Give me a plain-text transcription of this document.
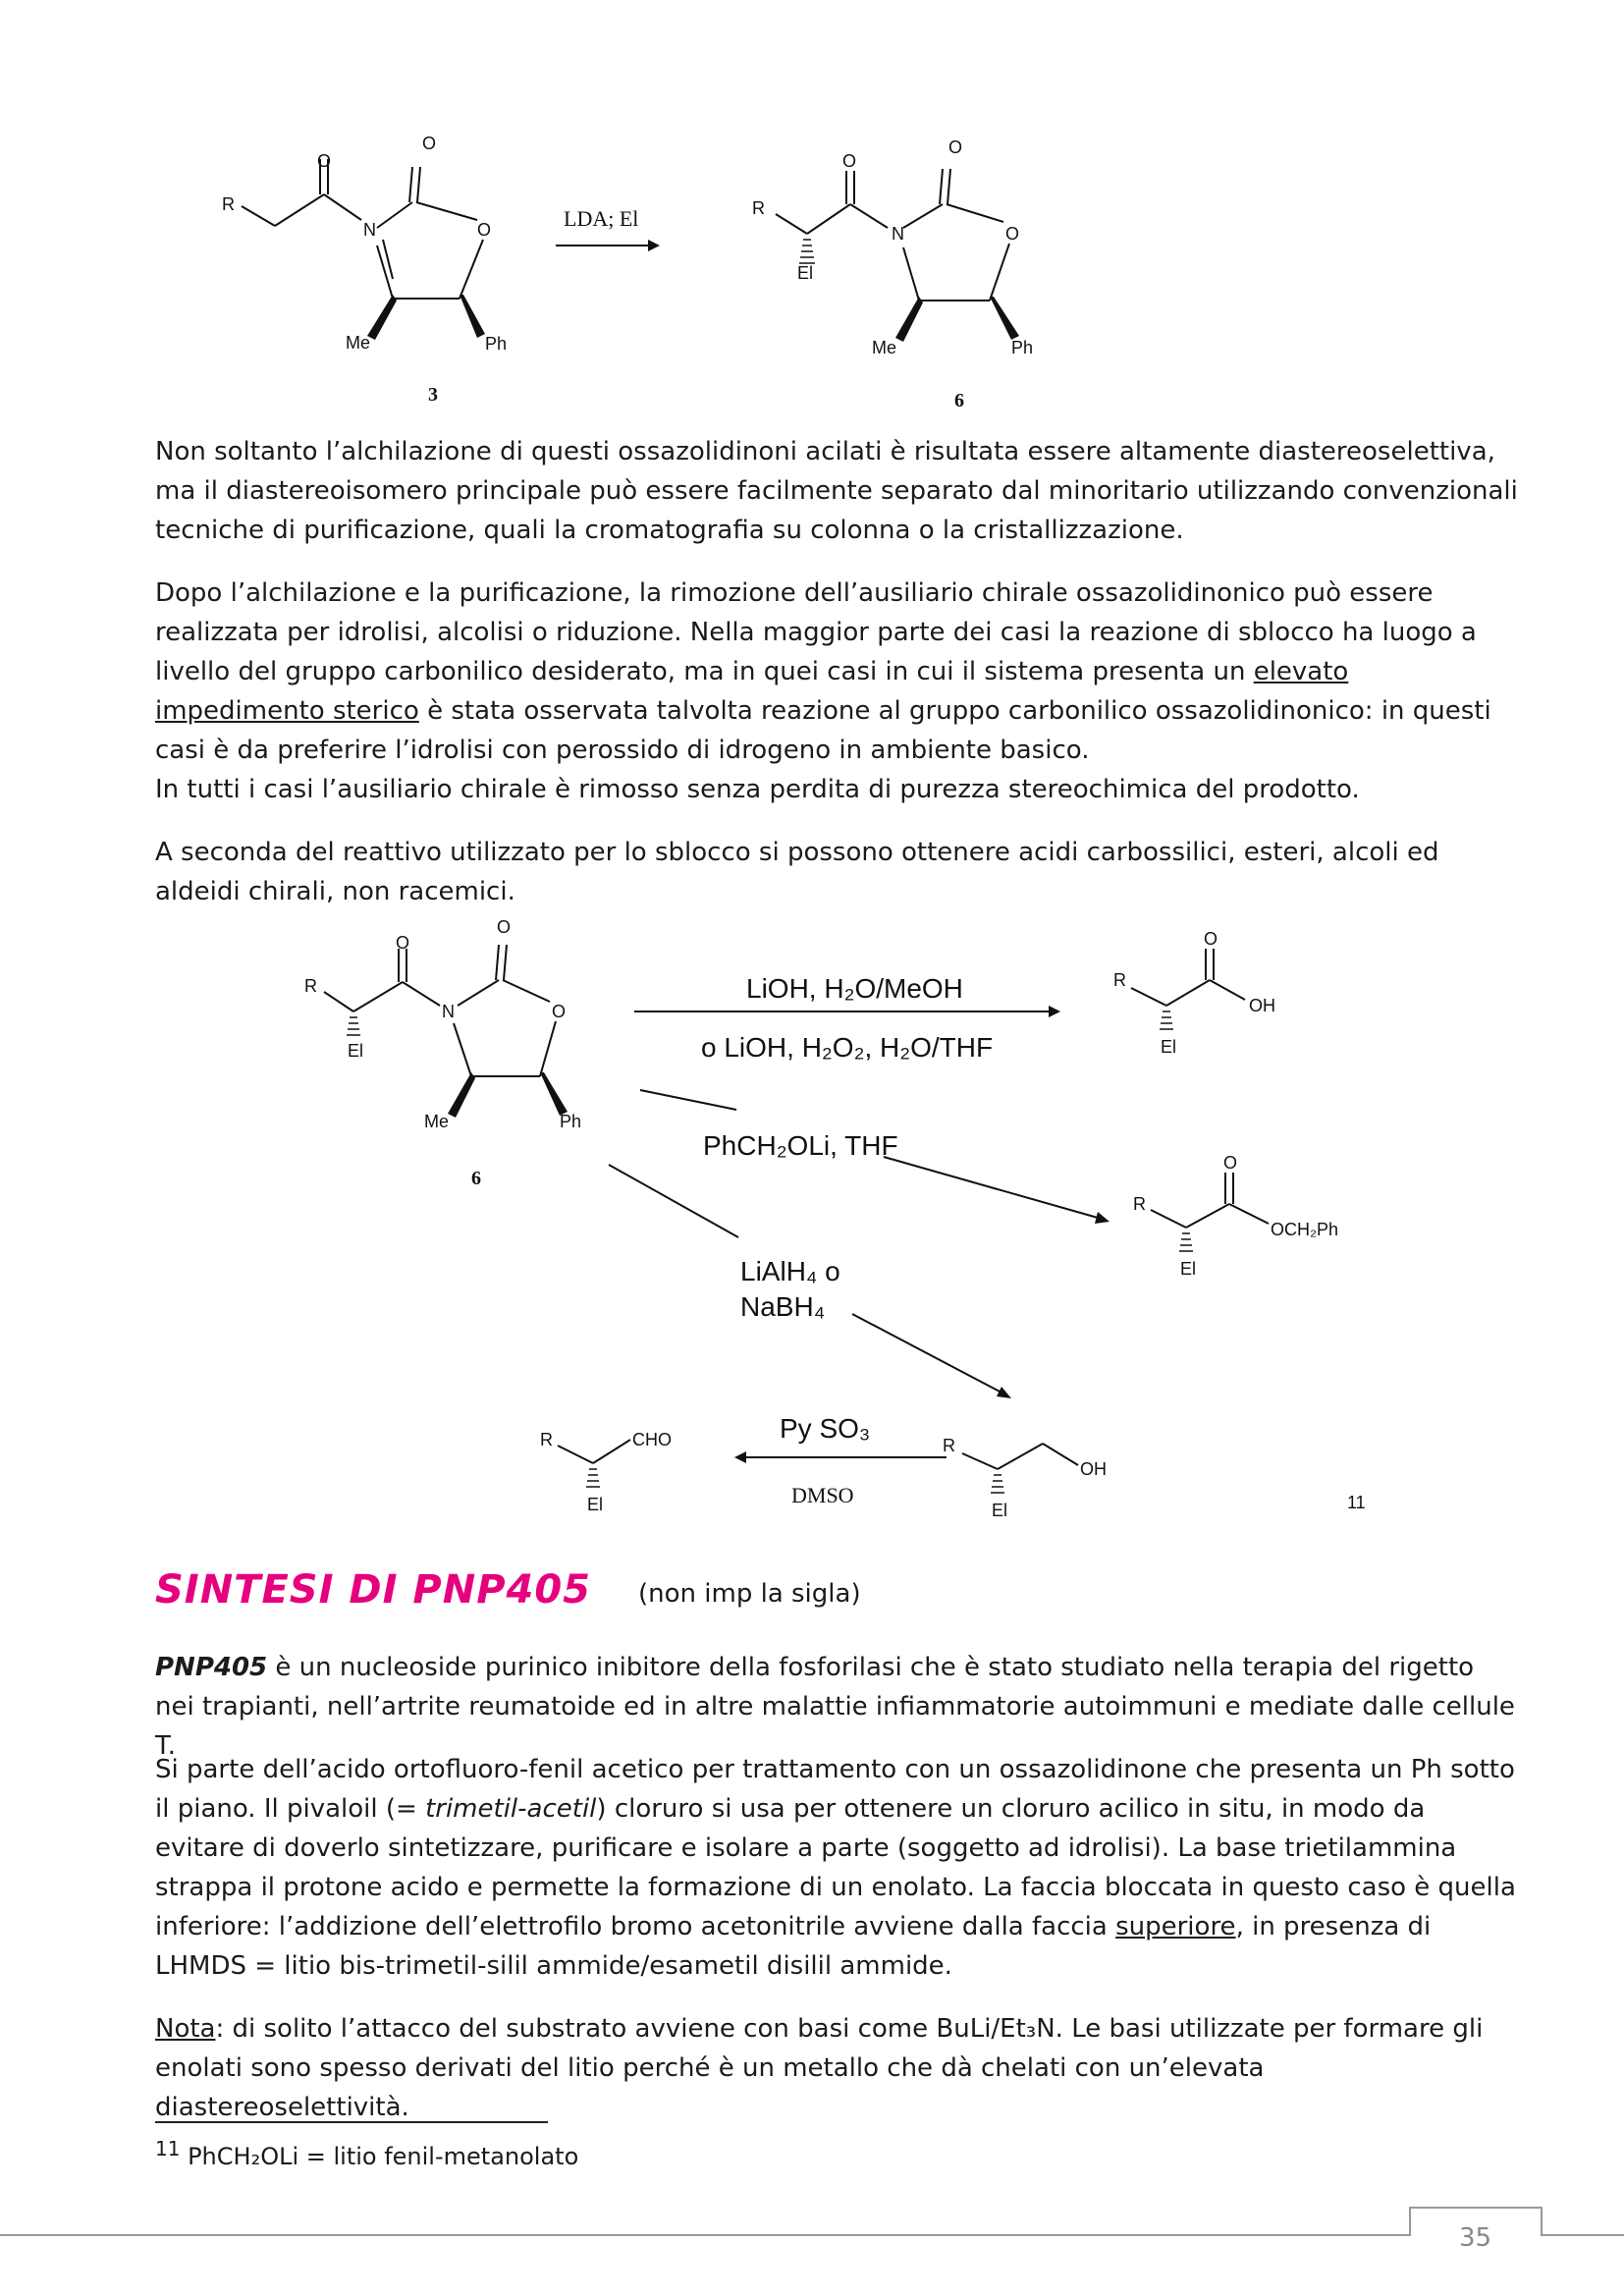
R
O
O
N	O
Me	Ph
R
O
O
N	O
El
Me	Ph
LDA; El
3	6

Non soltanto l’alchilazione di questi ossazolidinoni acilati è risultata essere altamente diastereoselettiva, ma il diastereoisomero principale può essere facilmente separato dal minoritario utilizzando convenzionali tecniche di purificazione, quali la cromatografia su colonna o la cristallizzazione.

Dopo l’alchilazione e la purificazione, la rimozione dell’ausiliario chirale ossazolidinonico può essere realizzata per idrolisi, alcolisi o riduzione. Nella maggior parte dei casi la reazione di sblocco ha luogo a livello del gruppo carbonilico desiderato, ma in quei casi in cui il sistema presenta un elevato impedimento sterico è stata osservata talvolta reazione al gruppo carbonilico ossazolidinonico: in questi casi è da preferire l’idrolisi con perossido di idrogeno in ambiente basico.
In tutti i casi l’ausiliario chirale è rimosso senza perdita di purezza stereochimica del prodotto.

A seconda del reattivo utilizzato per lo sblocco si possono ottenere acidi carbossilici, esteri, alcoli ed aldeidi chirali, non racemici.

R
O
O
N	O
El
Me	Ph
R
O
OH
El
R
O
OCH₂Ph
El
R
OH
El
R	CHO
El
LiOH, H₂O/MeOH
o LiOH, H₂O₂, H₂O/THF
PhCH₂OLi, THF
LiAlH₄ o
NaBH₄
Py SO₃
DMSO
6
11
SINTESI DI PNP405 (non imp la sigla)

PNP405 è un nucleoside purinico inibitore della fosforilasi che è stato studiato nella terapia del rigetto nei trapianti, nell’artrite reumatoide ed in altre malattie infiammatorie autoimmuni e mediate dalle cellule T.

Si parte dell’acido ortofluoro-fenil acetico per trattamento con un ossazolidinone che presenta un Ph sotto il piano. Il pivaloil (= trimetil-acetil) cloruro si usa per ottenere un cloruro acilico in situ, in modo da evitare di doverlo sintetizzare, purificare e isolare a parte (soggetto ad idrolisi). La base trietilammina strappa il protone acido e permette la formazione di un enolato. La faccia bloccata in questo caso è quella inferiore: l’addizione dell’elettrofilo bromo acetonitrile avviene dalla faccia superiore, in presenza di LHMDS = litio bis-trimetil-silil ammide/esametil disilil ammide.

Nota: di solito l’attacco del substrato avviene con basi come BuLi/Et₃N. Le basi utilizzate per formare gli enolati sono spesso derivati del litio perché è un metallo che dà chelati con un’elevata diastereoselettività.

$^{11}$ PhCH₂OLi = litio fenil-metanolato
35
